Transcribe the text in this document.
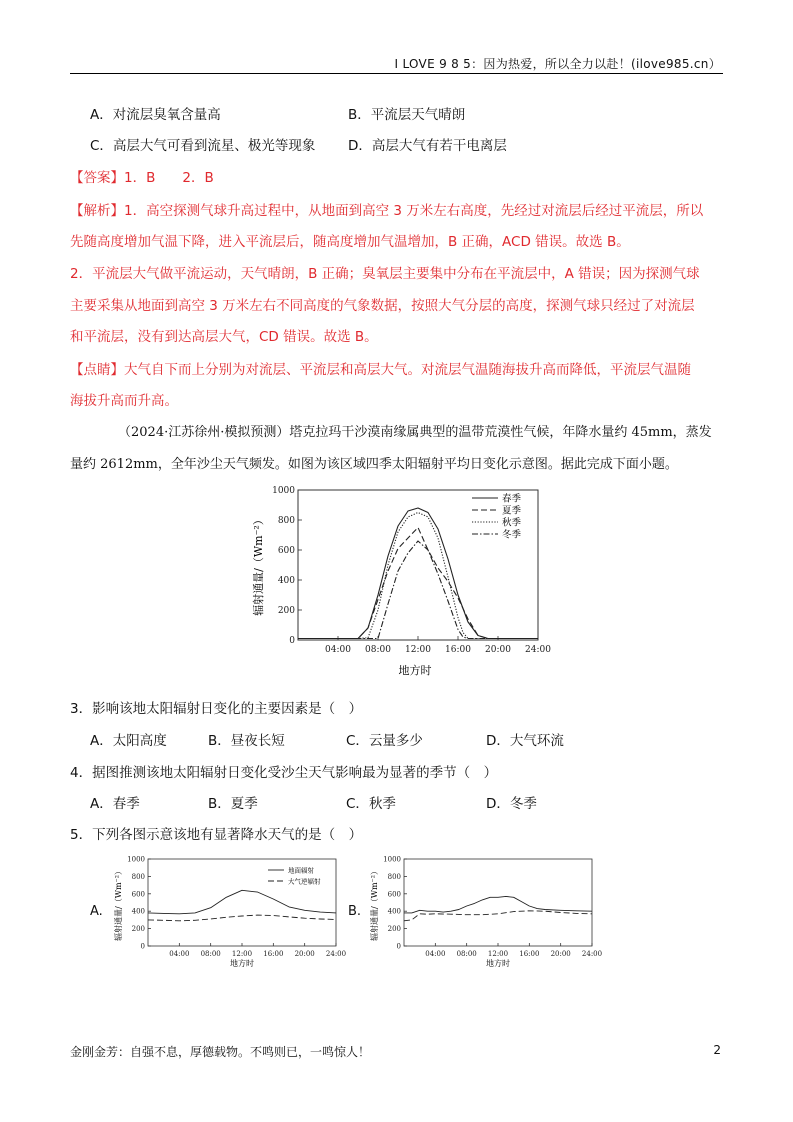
I LOVE 9 8 5：因为热爱，所以全力以赴！(ilove985.cn）
A．对流层臭氧含量高	B．平流层天气晴朗
C．高层大气可看到流星、极光等现象 D．高层大气有若干电离层
【答案】1．B　　2．B
【解析】1．高空探测气球升高过程中，从地面到高空 3 万米左右高度，先经过对流层后经过平流层，所以
先随高度增加气温下降，进入平流层后，随高度增加气温增加，B 正确，ACD 错误。故选 B。
2．平流层大气做平流运动，天气晴朗，B 正确；臭氧层主要集中分布在平流层中，A 错误；因为探测气球
主要采集从地面到高空 3 万米左右不同高度的气象数据，按照大气分层的高度，探测气球只经过了对流层
和平流层，没有到达高层大气，CD 错误。故选 B。
【点睛】大气自下而上分别为对流层、平流层和高层大气。对流层气温随海拔升高而降低，平流层气温随
海拔升高而升高。
（2024·江苏徐州·模拟预测）塔克拉玛干沙漠南缘属典型的温带荒漠性气候，年降水量约 45mm，蒸发
量约 2612mm，全年沙尘天气频发。如图为该区域四季太阳辐射平均日变化示意图。据此完成下面小题。
0
200
400
600
800
1000
04:00 08:00 12:00 16:00 20:00 24:00
春季
夏季
秋季
冬季
地方时
辐射通量/（Wm⁻²）
3．影响该地太阳辐射日变化的主要因素是（　）
A．太阳高度	B．昼夜长短	C．云量多少	D．大气环流
4．据图推测该地太阳辐射日变化受沙尘天气影响最为显著的季节（　）
A．春季	B．夏季	C．秋季	D．冬季
5．下列各图示意该地有显著降水天气的是（　）
A.	B.
0
200
400
600
800
1000
04:00 08:00 12:00 16:00 20:00 24:00
地面辐射
大气逆辐射
地方时
辐射通量/（Wm⁻²）
0
200
400
600
800
1000
04:00 08:00 12:00 16:00 20:00 24:00
地方时
辐射通量/（Wm⁻²）
金刚金芳：自强不息，厚德载物。不鸣则已，一鸣惊人！	2
